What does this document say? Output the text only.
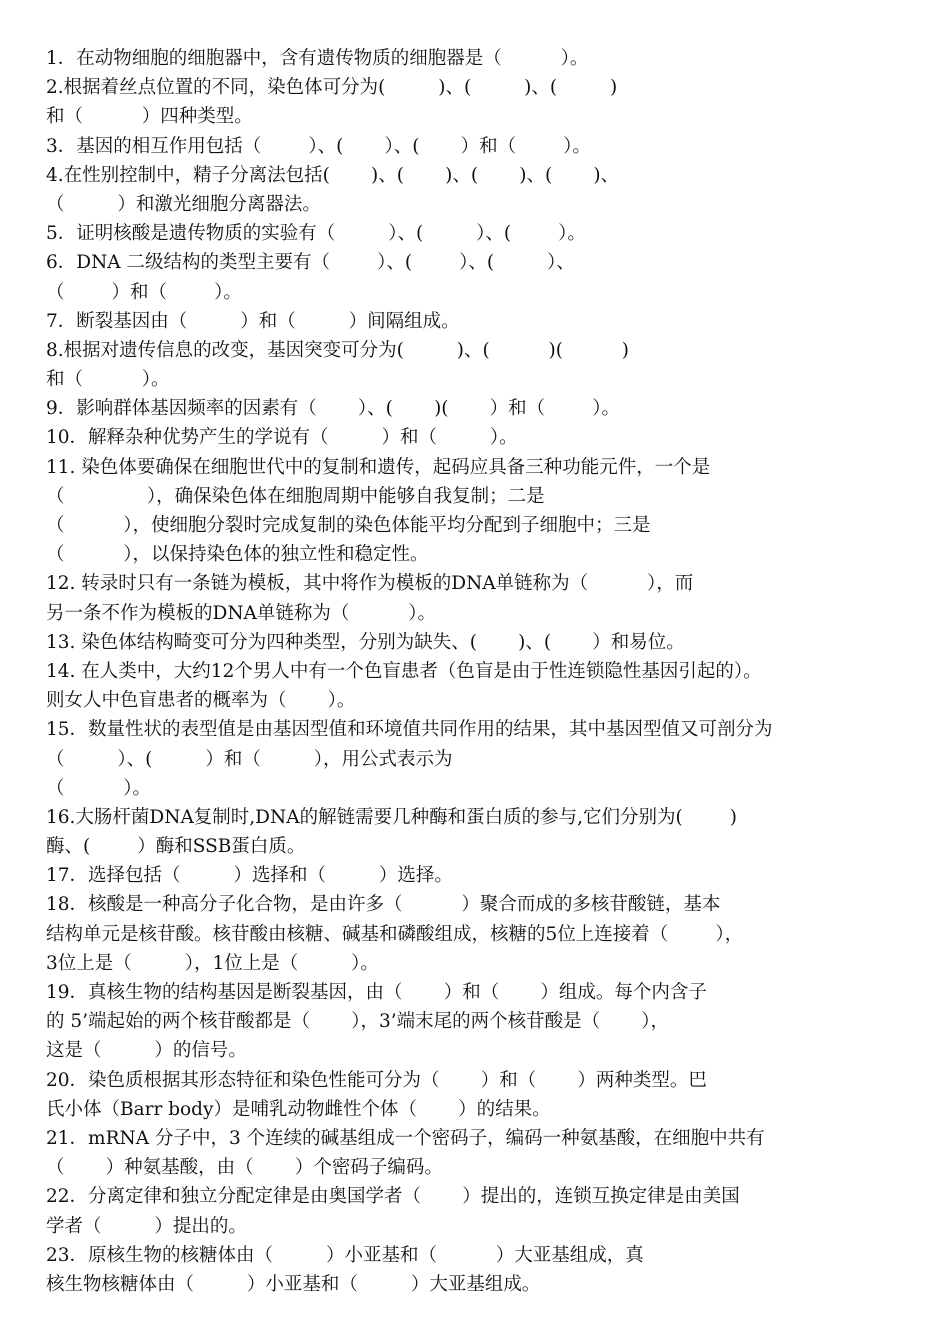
1．在动物细胞的细胞器中，含有遗传物质的细胞器是（          ）。
2.根据着丝点位置的不同，染色体可分为(         )、(         )、(         )
和（          ）四种类型。
3．基因的相互作用包括（        ）、(       ）、(       ）和（        ）。
4.在性别控制中，精子分离法包括(       )、(       )、(       )、(       )、
（         ）和激光细胞分离器法。
5．证明核酸是遗传物质的实验有（         ）、(         ）、(        ）。
6．DNA 二级结构的类型主要有（        ）、(        ）、(         ）、
（        ）和（        ）。
7．断裂基因由（         ）和（         ）间隔组成。
8.根据对遗传信息的改变，基因突变可分为(         )、(          )(          )
和（          ）。
9．影响群体基因频率的因素有（       ）、(       )(       ）和（        ）。
10．解释杂种优势产生的学说有（         ）和（         ）。
11. 染色体要确保在细胞世代中的复制和遗传，起码应具备三种功能元件，一个是
（              ），确保染色体在细胞周期中能够自我复制；二是
（          ），使细胞分裂时完成复制的染色体能平均分配到子细胞中；三是
（          ），以保持染色体的独立性和稳定性。
12. 转录时只有一条链为模板，其中将作为模板的DNA单链称为（          ），而
另一条不作为模板的DNA单链称为（          ）。
13. 染色体结构畸变可分为四种类型，分别为缺失、(       )、(       ）和易位。
14. 在人类中，大约12个男人中有一个色盲患者（色盲是由于性连锁隐性基因引起的）。
则女人中色盲患者的概率为（       ）。
15．数量性状的表型值是由基因型值和环境值共同作用的结果，其中基因型值又可剖分为
（         ）、(         ）和（         ），用公式表示为
（          ）。
16.大肠杆菌DNA复制时,DNA的解链需要几种酶和蛋白质的参与,它们分别为(        )
酶、(        ）酶和SSB蛋白质。
17．选择包括（         ）选择和（         ）选择。
18．核酸是一种高分子化合物，是由许多（          ）聚合而成的多核苷酸链，基本
结构单元是核苷酸。核苷酸由核糖、碱基和磷酸组成，核糖的5位上连接着（        ），
3位上是（         ），1位上是（         ）。
19．真核生物的结构基因是断裂基因，由（       ）和（       ）组成。每个内含子
的 5’端起始的两个核苷酸都是（       ），3’端末尾的两个核苷酸是（       ），
这是（         ）的信号。
20．染色质根据其形态特征和染色性能可分为（       ）和（       ）两种类型。巴
氏小体（Barr body）是哺乳动物雌性个体（       ）的结果。
21．mRNA 分子中，3 个连续的碱基组成一个密码子，编码一种氨基酸，在细胞中共有
（       ）种氨基酸，由（       ）个密码子编码。
22．分离定律和独立分配定律是由奥国学者（       ）提出的，连锁互换定律是由美国
学者（         ）提出的。
23．原核生物的核糖体由（         ）小亚基和（          ）大亚基组成，真
核生物核糖体由（         ）小亚基和（         ）大亚基组成。
